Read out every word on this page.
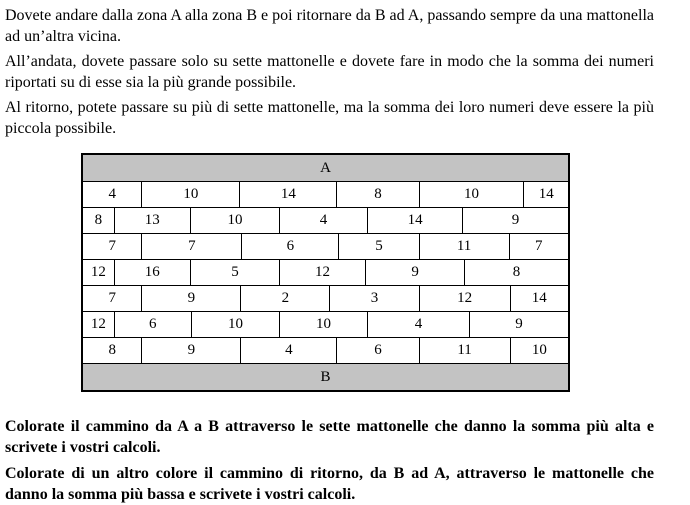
Dovete andare dalla zona A alla zona B e poi ritornare da B ad A, passando sempre da una mattonella ad un’altra vicina.

All’andata, dovete passare solo su sette mattonelle e dovete fare in modo che la somma dei numeri riportati su di esse sia la più grande possibile.

Al ritorno, potete passare su più di sette mattonelle, ma la somma dei loro numeri deve essere la più piccola possibile.

A
4	10	14	8	10	14
8	13	10	4	14	9
7	7	6	5	11	7
12	16	5	12	9	8
7	9	2	3	12	14
12	6	10	10	4	9
8	9	4	6	11	10
B

Colorate il cammino da A a B attraverso le sette mattonelle che danno la somma più alta e scrivete i vostri calcoli.

Colorate di un altro colore il cammino di ritorno, da B ad A, attraverso le mattonelle che danno la somma più bassa e scrivete i vostri calcoli.
